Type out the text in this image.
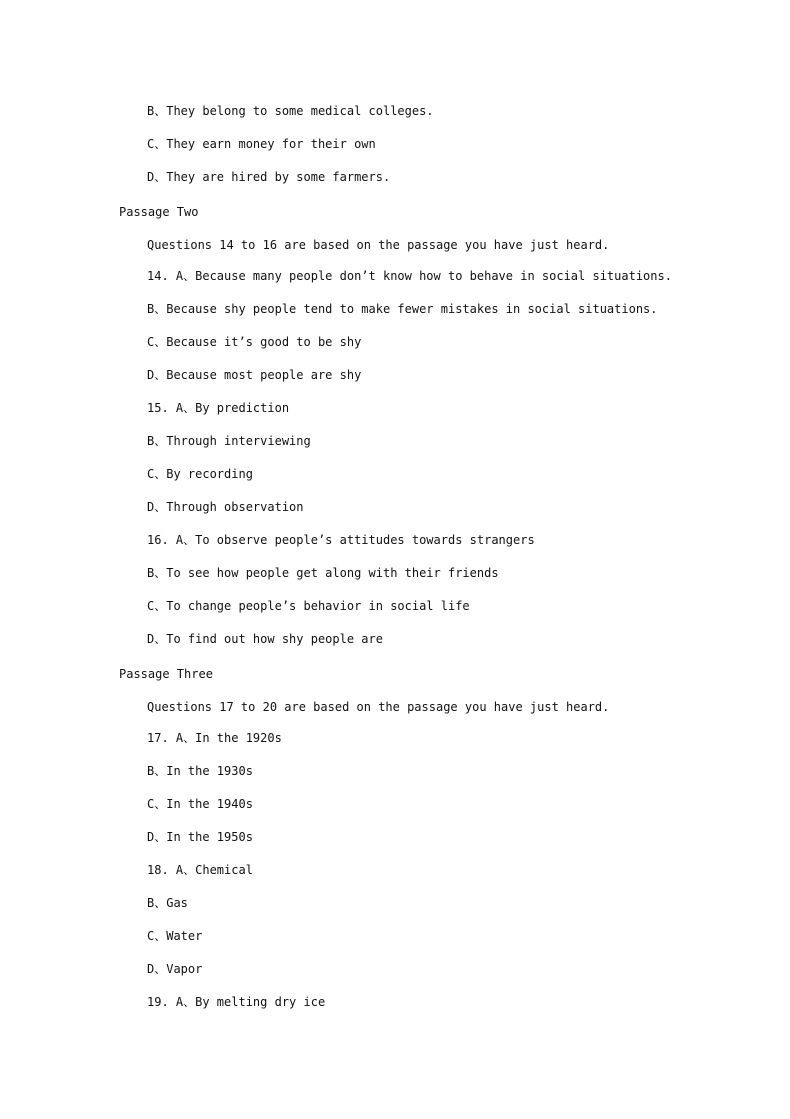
B、They belong to some medical colleges.
C、They earn money for their own
D、They are hired by some farmers.
Passage Two
Questions 14 to 16 are based on the passage you have just heard.
14. A、Because many people don’t know how to behave in social situations.
B、Because shy people tend to make fewer mistakes in social situations.
C、Because it’s good to be shy
D、Because most people are shy
15. A、By prediction
B、Through interviewing
C、By recording
D、Through observation
16. A、To observe people’s attitudes towards strangers
B、To see how people get along with their friends
C、To change people’s behavior in social life
D、To find out how shy people are
Passage Three
Questions 17 to 20 are based on the passage you have just heard.
17. A、In the 1920s
B、In the 1930s
C、In the 1940s
D、In the 1950s
18. A、Chemical
B、Gas
C、Water
D、Vapor
19. A、By melting dry ice
